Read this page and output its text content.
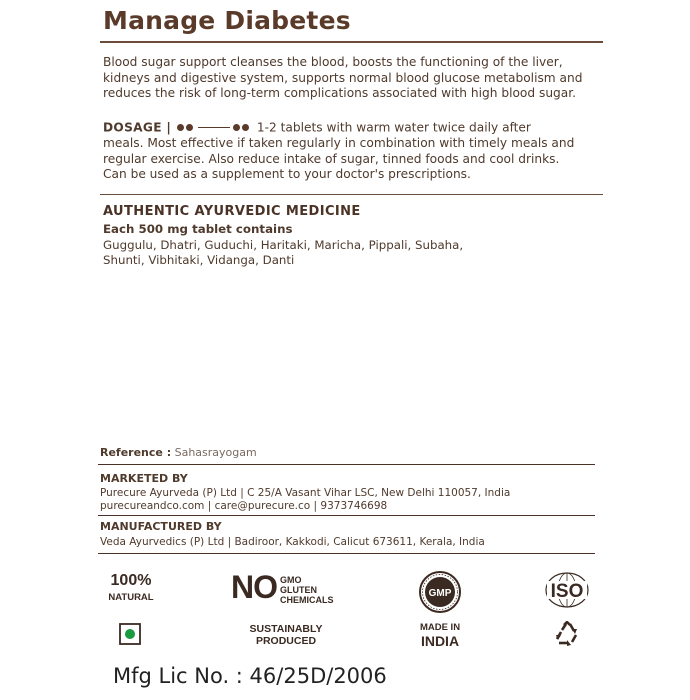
Manage Diabetes
Blood sugar support cleanses the blood, boosts the functioning of the liver,
kidneys and digestive system, supports normal blood glucose metabolism and
reduces the risk of long-term complications associated with high blood sugar.
DOSAGE |	1-2 tablets with warm water twice daily after
meals. Most effective if taken regularly in combination with timely meals and
regular exercise. Also reduce intake of sugar, tinned foods and cool drinks.
Can be used as a supplement to your doctor's prescriptions.
AUTHENTIC AYURVEDIC MEDICINE
Each 500 mg tablet contains
Guggulu, Dhatri, Guduchi, Haritaki, Maricha, Pippali, Subaha,
Shunti, Vibhitaki, Vidanga, Danti
Reference : Sahasrayogam
MARKETED BY
Purecure Ayurveda (P) Ltd | C 25/A Vasant Vihar LSC, New Delhi 110057, India
purecureandco.com | care@purecure.co | 9373746698
MANUFACTURED BY
Veda Ayurvedics (P) Ltd | Badiroor, Kakkodi, Calicut 673611, Kerala, India
100%
NATURAL NO GMO
GLUTEN
CHEMICALS
GMP	ISO
SUSTAINABLY
PRODUCED
MADE IN
INDIA
Mfg Lic No. : 46/25D/2006
